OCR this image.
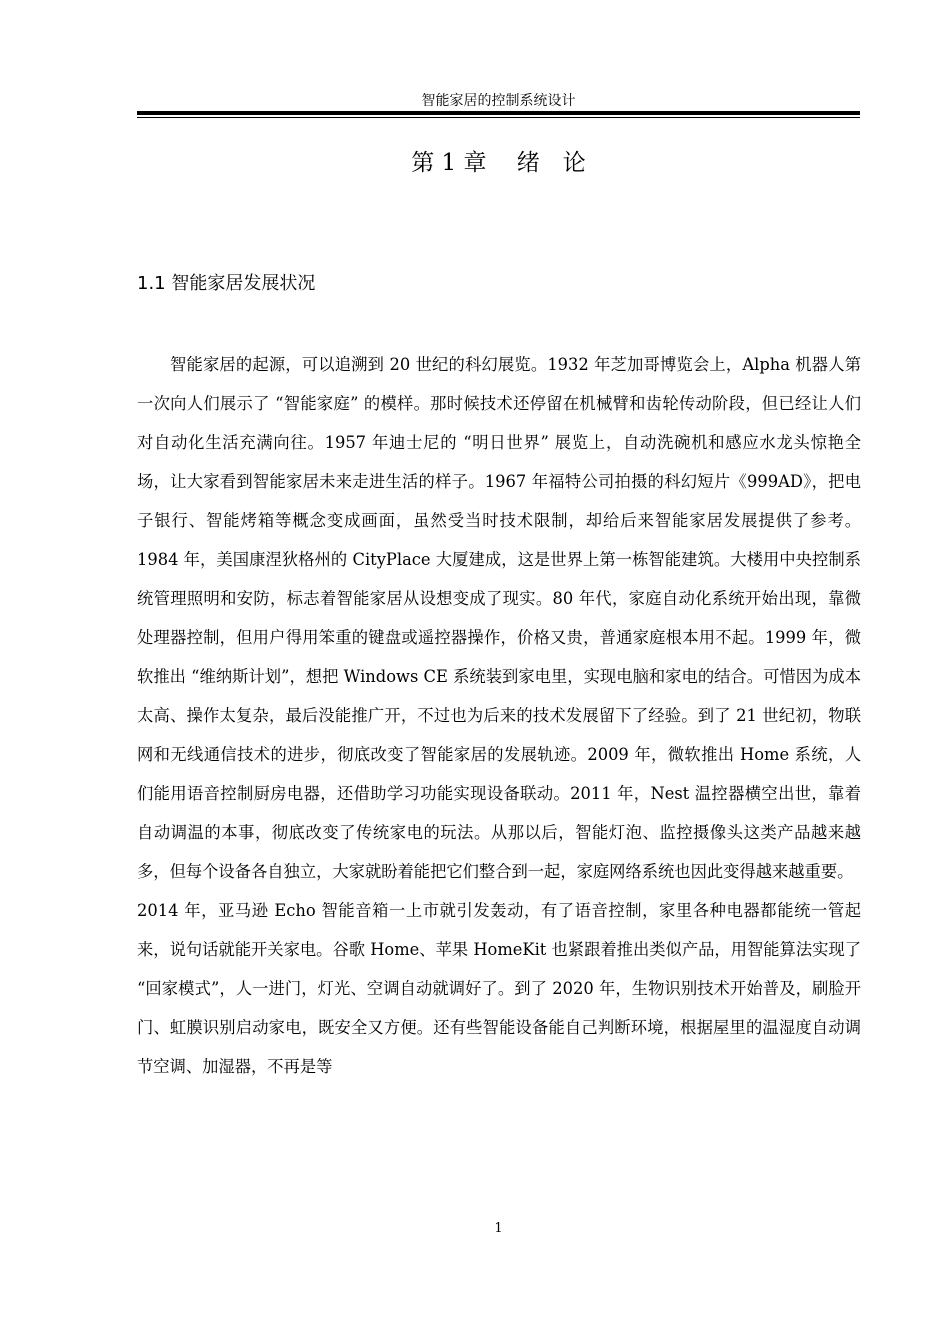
智能家居的控制系统设计
第 1 章　 绪　论
1.1 智能家居发展状况

智能家居的起源，可以追溯到 20 世纪的科幻展览。1932 年芝加哥博览会上，Alpha 机器人第一次向人们展示了 “智能家庭” 的模样。那时候技术还停留在机械臂和齿轮传动阶段，但已经让人们对自动化生活充满向往。1957 年迪士尼的 “明日世界” 展览上，自动洗碗机和感应水龙头惊艳全场，让大家看到智能家居未来走进生活的样子。1967 年福特公司拍摄的科幻短片《999AD》，把电子银行、智能烤箱等概念变成画面，虽然受当时技术限制，却给后来智能家居发展提供了参考。1984 年，美国康涅狄格州的 CityPlace 大厦建成，这是世界上第一栋智能建筑。大楼用中央控制系统管理照明和安防，标志着智能家居从设想变成了现实。80 年代，家庭自动化系统开始出现，靠微处理器控制，但用户得用笨重的键盘或遥控器操作，价格又贵，普通家庭根本用不起。1999 年，微软推出 “维纳斯计划”，想把 Windows CE 系统装到家电里，实现电脑和家电的结合。可惜因为成本太高、操作太复杂，最后没能推广开，不过也为后来的技术发展留下了经验。到了 21 世纪初，物联网和无线通信技术的进步，彻底改变了智能家居的发展轨迹。2009 年，微软推出 Home 系统，人们能用语音控制厨房电器，还借助学习功能实现设备联动。2011 年，Nest 温控器横空出世，靠着自动调温的本事，彻底改变了传统家电的玩法。从那以后，智能灯泡、监控摄像头这类产品越来越多，但每个设备各自独立，大家就盼着能把它们整合到一起，家庭网络系统也因此变得越来越重要。

2014 年，亚马逊 Echo 智能音箱一上市就引发轰动，有了语音控制，家里各种电器都能统一管起来，说句话就能开关家电。谷歌 Home、苹果 HomeKit 也紧跟着推出类似产品，用智能算法实现了 “回家模式”，人一进门，灯光、空调自动就调好了。到了 2020 年，生物识别技术开始普及，刷脸开门、虹膜识别启动家电，既安全又方便。还有些智能设备能自己判断环境，根据屋里的温湿度自动调节空调、加湿器，不再是等

1
